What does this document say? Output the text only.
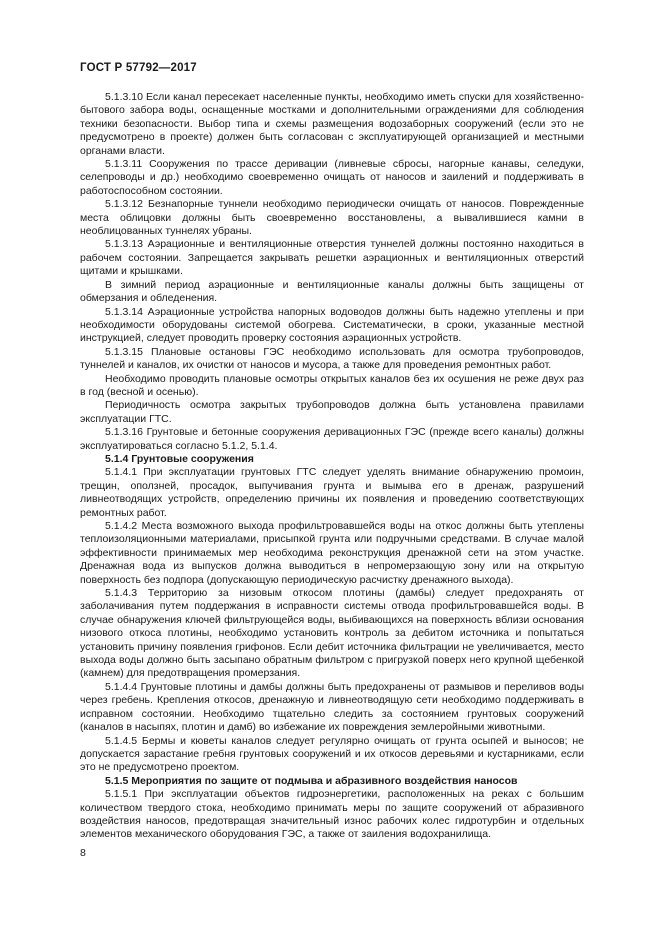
ГОСТ Р 57792—2017

5.1.3.10 Если канал пересекает населенные пункты, необходимо иметь спуски для хозяйственно-бытового забора воды, оснащенные мостками и дополнительными ограждениями для соблюдения техники безопасности. Выбор типа и схемы размещения водозаборных сооружений (если это не предусмотрено в проекте) должен быть согласован с эксплуатирующей организацией и местными органами власти.

5.1.3.11 Сооружения по трассе деривации (ливневые сбросы, нагорные канавы, селедуки, селепроводы и др.) необходимо своевременно очищать от наносов и заилений и поддерживать в работоспособном состоянии.

5.1.3.12 Безнапорные туннели необходимо периодически очищать от наносов. Поврежденные места облицовки должны быть своевременно восстановлены, а вывалившиеся камни в необлицованных туннелях убраны.

5.1.3.13 Аэрационные и вентиляционные отверстия туннелей должны постоянно находиться в рабочем состоянии. Запрещается закрывать решетки аэрационных и вентиляционных отверстий щитами и крышками.

В зимний период аэрационные и вентиляционные каналы должны быть защищены от обмерзания и обледенения.

5.1.3.14 Аэрационные устройства напорных водоводов должны быть надежно утеплены и при необходимости оборудованы системой обогрева. Систематически, в сроки, указанные местной инструкцией, следует проводить проверку состояния аэрационных устройств.

5.1.3.15 Плановые остановы ГЭС необходимо использовать для осмотра трубопроводов, туннелей и каналов, их очистки от наносов и мусора, а также для проведения ремонтных работ.

Необходимо проводить плановые осмотры открытых каналов без их осушения не реже двух раз в год (весной и осенью).

Периодичность осмотра закрытых трубопроводов должна быть установлена правилами эксплуатации ГТС.

5.1.3.16 Грунтовые и бетонные сооружения деривационных ГЭС (прежде всего каналы) должны эксплуатироваться согласно 5.1.2, 5.1.4.

5.1.4 Грунтовые сооружения

5.1.4.1 При эксплуатации грунтовых ГТС следует уделять внимание обнаружению промоин, трещин, оползней, просадок, выпучивания грунта и вымыва его в дренаж, разрушений ливнеотводящих устройств, определению причины их появления и проведению соответствующих ремонтных работ.

5.1.4.2 Места возможного выхода профильтровавшейся воды на откос должны быть утеплены теплоизоляционными материалами, присыпкой грунта или подручными средствами. В случае малой эффективности принимаемых мер необходима реконструкция дренажной сети на этом участке. Дренажная вода из выпусков должна выводиться в непромерзающую зону или на открытую поверхность без подпора (допускающую периодическую расчистку дренажного выхода).

5.1.4.3 Территорию за низовым откосом плотины (дамбы) следует предохранять от заболачивания путем поддержания в исправности системы отвода профильтровавшейся воды. В случае обнаружения ключей фильтрующейся воды, выбивающихся на поверхность вблизи основания низового откоса плотины, необходимо установить контроль за дебитом источника и попытаться установить причину появления грифонов. Если дебит источника фильтрации не увеличивается, место выхода воды должно быть засыпано обратным фильтром с пригрузкой поверх него крупной щебенкой (камнем) для предотвращения промерзания.

5.1.4.4 Грунтовые плотины и дамбы должны быть предохранены от размывов и переливов воды через гребень. Крепления откосов, дренажную и ливнеотводящую сети необходимо поддерживать в исправном состоянии. Необходимо тщательно следить за состоянием грунтовых сооружений (каналов в насыпях, плотин и дамб) во избежание их повреждения землеройными животными.

5.1.4.5 Бермы и кюветы каналов следует регулярно очищать от грунта осыпей и выносов; не допускается зарастание гребня грунтовых сооружений и их откосов деревьями и кустарниками, если это не предусмотрено проектом.

5.1.5 Мероприятия по защите от подмыва и абразивного воздействия наносов

5.1.5.1 При эксплуатации объектов гидроэнергетики, расположенных на реках с большим количеством твердого стока, необходимо принимать меры по защите сооружений от абразивного воздействия наносов, предотвращая значительный износ рабочих колес гидротурбин и отдельных элементов механического оборудования ГЭС, а также от заиления водохранилища.

8
